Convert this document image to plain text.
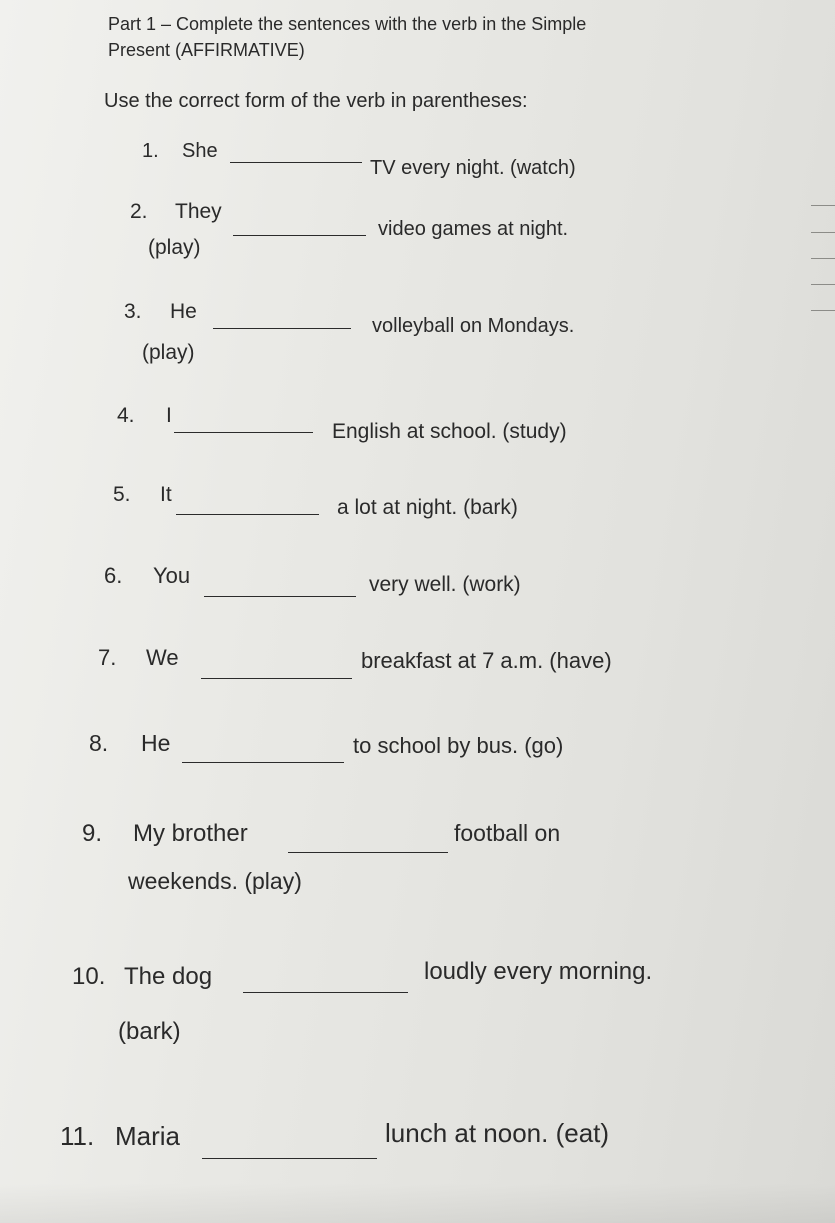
Part 1 – Complete the sentences with the verb in the Simple
Present (AFFIRMATIVE)
Use the correct form of the verb in parentheses:
1. She
TV every night. (watch)
2. They
video games at night.
(play)
3. He
volleyball on Mondays.
(play)
4. I
English at school. (study)
5. It
a lot at night. (bark)
6. You	very well. (work)
7. We	breakfast at 7 a.m. (have)
8. He	to school by bus. (go)
9. My brother	football on
weekends. (play)
10. The dog	loudly every morning.
(bark)
11. Maria	lunch at noon. (eat)
